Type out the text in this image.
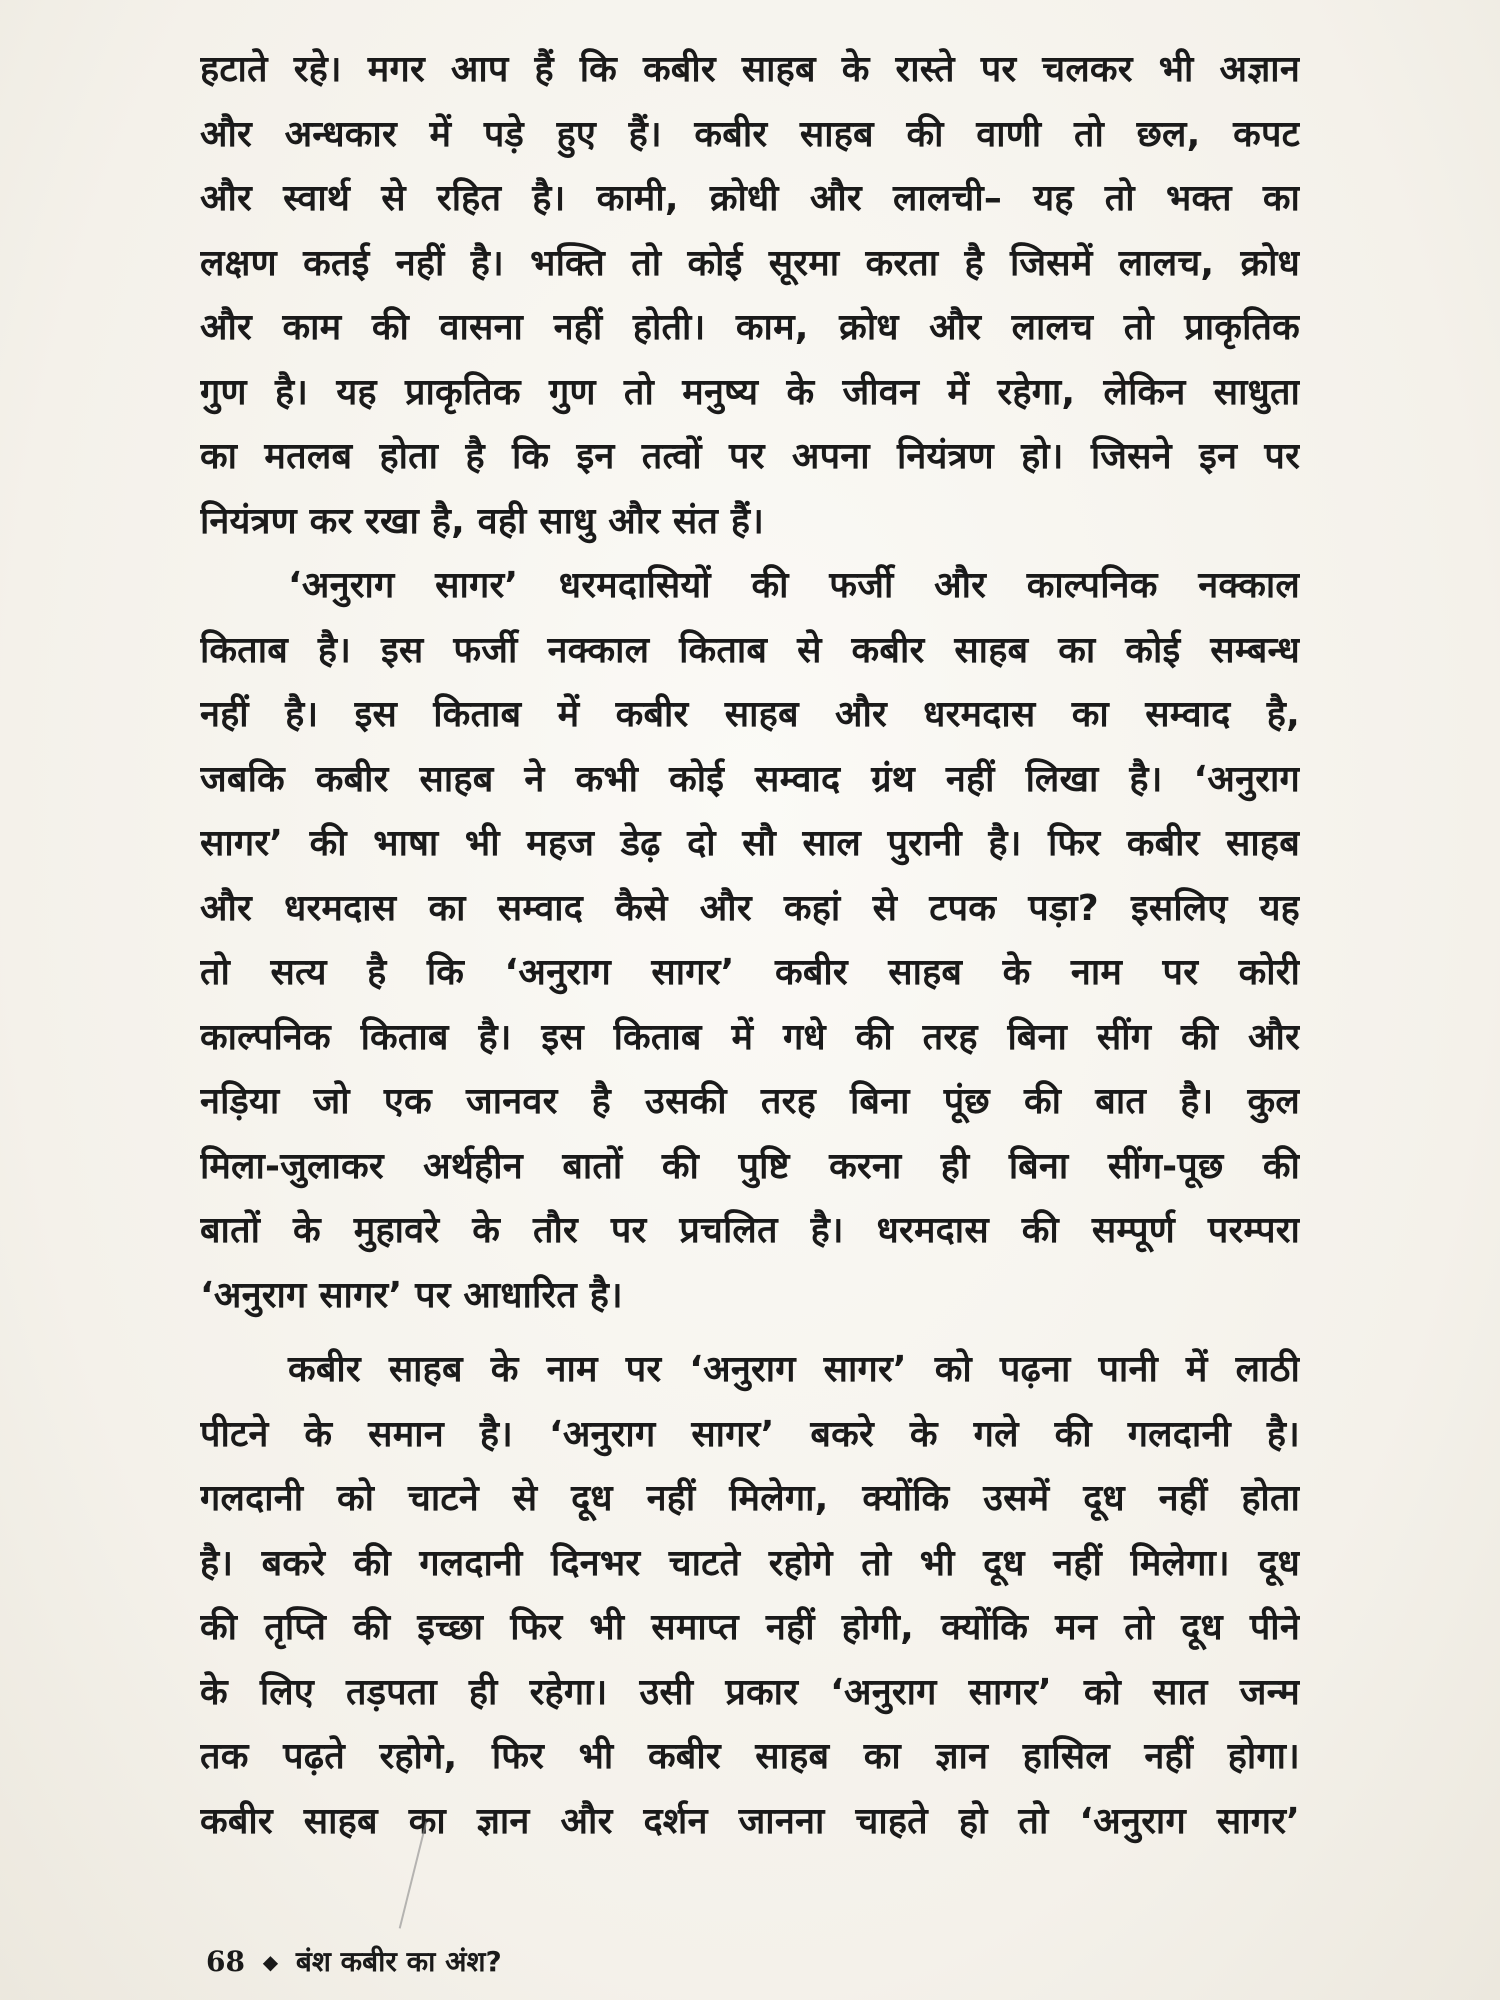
हटाते रहे। मगर आप हैं कि कबीर साहब के रास्ते पर चलकर भी अज्ञान
और अन्धकार में पड़े हुए हैं। कबीर साहब की वाणी तो छल, कपट
और स्वार्थ से रहित है। कामी, क्रोधी और लालची– यह तो भक्त का
लक्षण कतई नहीं है। भक्ति तो कोई सूरमा करता है जिसमें लालच, क्रोध
और काम की वासना नहीं होती। काम, क्रोध और लालच तो प्राकृतिक
गुण है। यह प्राकृतिक गुण तो मनुष्य के जीवन में रहेगा, लेकिन साधुता
का मतलब होता है कि इन तत्वों पर अपना नियंत्रण हो। जिसने इन पर
नियंत्रण कर रखा है, वही साधु और संत हैं।
‘अनुराग सागर’ धरमदासियों की फर्जी और काल्पनिक नक्काल
किताब है। इस फर्जी नक्काल किताब से कबीर साहब का कोई सम्बन्ध
नहीं है। इस किताब में कबीर साहब और धरमदास का सम्वाद है,
जबकि कबीर साहब ने कभी कोई सम्वाद ग्रंथ नहीं लिखा है। ‘अनुराग
सागर’ की भाषा भी महज डेढ़ दो सौ साल पुरानी है। फिर कबीर साहब
और धरमदास का सम्वाद कैसे और कहां से टपक पड़ा? इसलिए यह
तो सत्य है कि ‘अनुराग सागर’ कबीर साहब के नाम पर कोरी
काल्पनिक किताब है। इस किताब में गधे की तरह बिना सींग की और
नड़िया जो एक जानवर है उसकी तरह बिना पूंछ की बात है। कुल
मिला-जुलाकर अर्थहीन बातों की पुष्टि करना ही बिना सींग-पूछ की
बातों के मुहावरे के तौर पर प्रचलित है। धरमदास की सम्पूर्ण परम्परा
‘अनुराग सागर’ पर आधारित है।
कबीर साहब के नाम पर ‘अनुराग सागर’ को पढ़ना पानी में लाठी
पीटने के समान है। ‘अनुराग सागर’ बकरे के गले की गलदानी है।
गलदानी को चाटने से दूध नहीं मिलेगा, क्योंकि उसमें दूध नहीं होता
है। बकरे की गलदानी दिनभर चाटते रहोगे तो भी दूध नहीं मिलेगा। दूध
की तृप्ति की इच्छा फिर भी समाप्त नहीं होगी, क्योंकि मन तो दूध पीने
के लिए तड़पता ही रहेगा। उसी प्रकार ‘अनुराग सागर’ को सात जन्म
तक पढ़ते रहोगे, फिर भी कबीर साहब का ज्ञान हासिल नहीं होगा।
कबीर साहब का ज्ञान और दर्शन जानना चाहते हो तो ‘अनुराग सागर’
68 ◆ बंश कबीर का अंश?
